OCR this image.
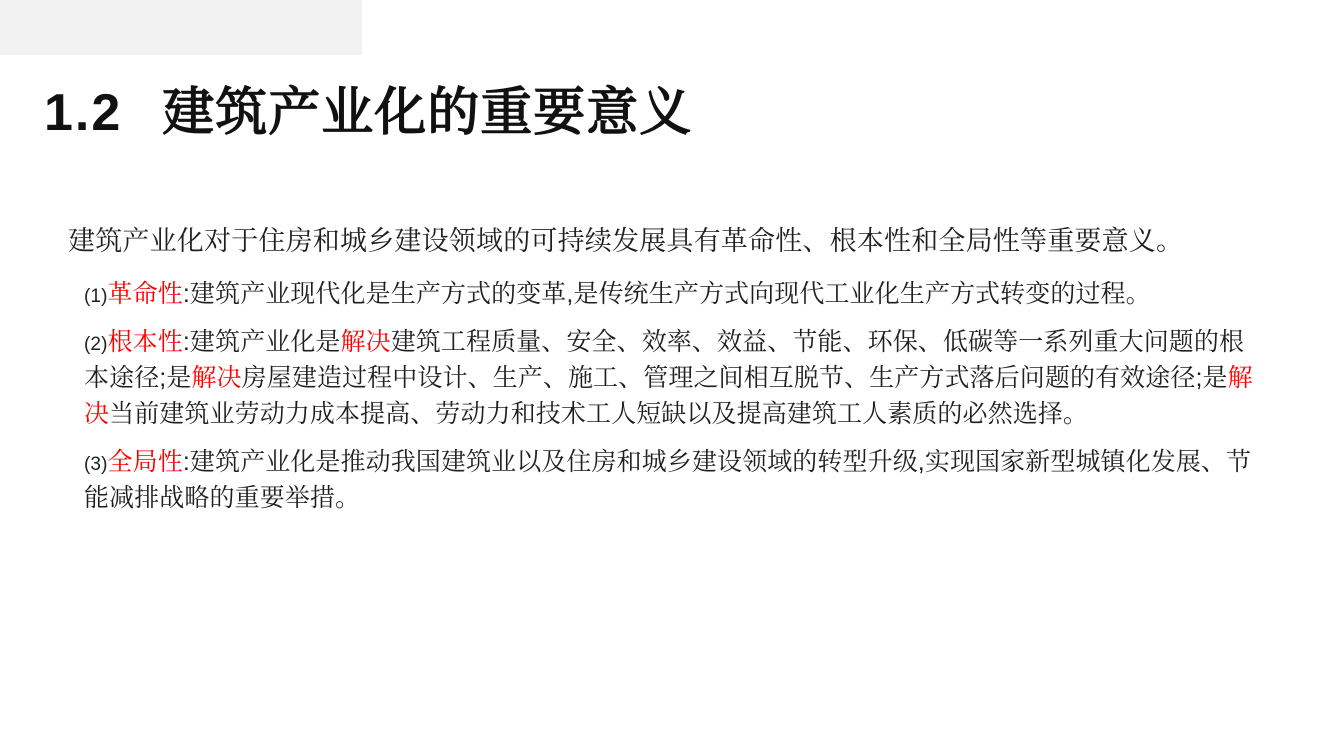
1.2 建筑产业化的重要意义

建筑产业化对于住房和城乡建设领域的可持续发展具有革命性、根本性和全局性等重要意义。

(1)革命性:建筑产业现代化是生产方式的变革,是传统生产方式向现代工业化生产方式转变的过程。

(2)根本性:建筑产业化是解决建筑工程质量、安全、效率、效益、节能、环保、低碳等一系列重大问题的根本途径;是解决房屋建造过程中设计、生产、施工、管理之间相互脱节、生产方式落后问题的有效途径;是解决当前建筑业劳动力成本提高、劳动力和技术工人短缺以及提高建筑工人素质的必然选择。

(3)全局性:建筑产业化是推动我国建筑业以及住房和城乡建设领域的转型升级,实现国家新型城镇化发展、节能减排战略的重要举措。
